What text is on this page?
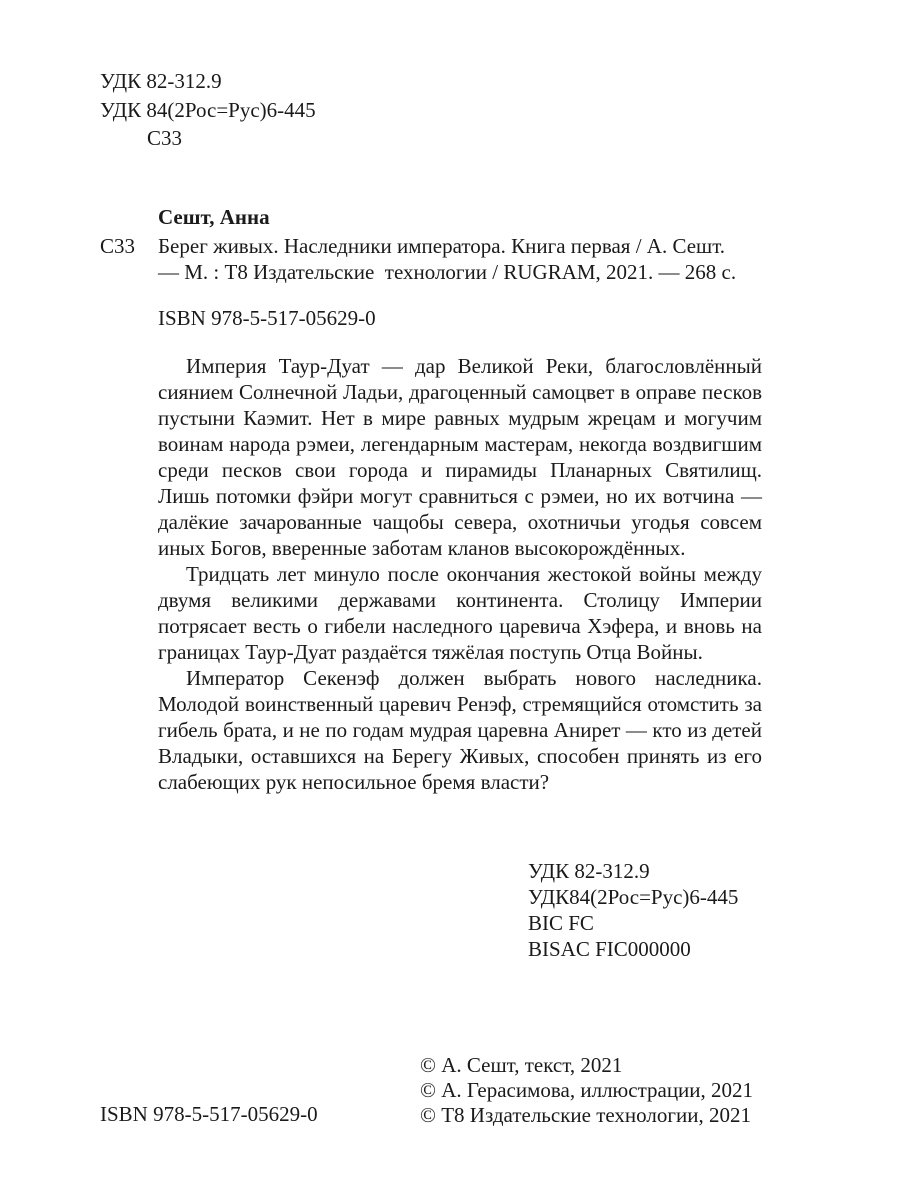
УДК 82-312.9
УДК 84(2Рос=Рус)6-445
С33
Сешт, Анна
С33 Берег живых. Наследники императора. Книга первая / А. Сешт.
— М. : Т8 Издательские  технологии / RUGRAM, 2021. — 268 с.
ISBN 978-5-517-05629-0

Империя Таур-Дуат — дар Великой Реки, благословлённый сиянием Солнечной Ладьи, драгоценный самоцвет в оправе песков пустыни Каэмит. Нет в мире равных мудрым жрецам и могучим воинам народа рэмеи, легендарным мастерам, некогда воздвигшим среди песков свои города и пирамиды Планарных Святилищ. Лишь потомки фэйри могут сравниться с рэмеи, но их вотчина — далёкие зачарованные чащобы севера, охотничьи угодья совсем иных Богов, вверенные заботам кланов высокорождённых.

Тридцать лет минуло после окончания жестокой войны между двумя великими державами континента. Столицу Империи потрясает весть о гибели наследного царевича Хэфера, и вновь на границах Таур-Дуат раздаётся тяжёлая поступь Отца Войны.

Император Секенэф должен выбрать нового наследника. Молодой воинственный царевич Ренэф, стремящийся отомстить за гибель брата, и не по годам мудрая царевна Анирет — кто из детей Владыки, оставшихся на Берегу Живых, способен принять из его слабеющих рук непосильное бремя власти?

УДК 82-312.9
УДК84(2Рос=Рус)6-445
BIC FC
BISAC FIC000000
ISBN 978-5-517-05629-0
© А. Сешт, текст, 2021
© А. Герасимова, иллюстрации, 2021
© Т8 Издательские технологии, 2021
